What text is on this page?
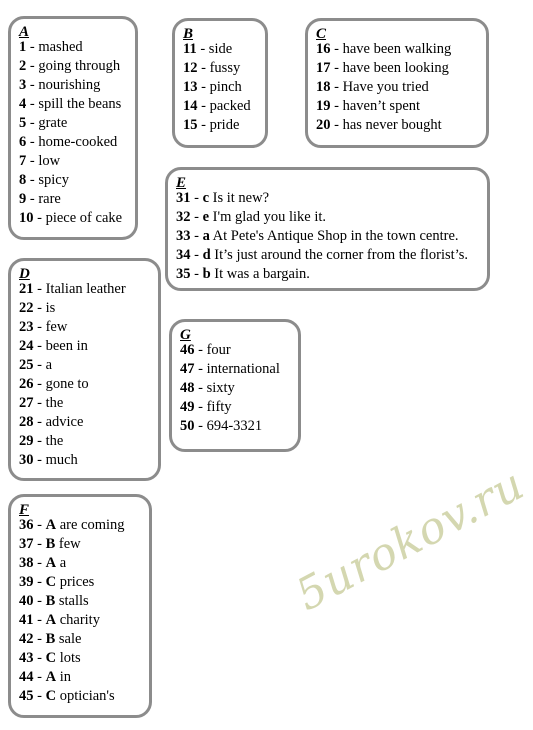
A
1 - mashed
2 - going through
3 - nourishing
4 - spill the beans
5 - grate
6 - home-cooked
7 - low
8 - spicy
9 - rare
10 - piece of cake
B
11 - side
12 - fussy
13 - pinch
14 - packed
15 - pride
C
16 - have been walking
17 - have been looking
18 - Have you tried
19 - haven’t spent
20 - has never bought
E
31 - c Is it new?
32 - e I'm glad you like it.
33 - a At Pete's Antique Shop in the town centre.
34 - d It’s just around the corner from the florist’s.
35 - b It was a bargain.
D
21 - Italian leather
22 - is
23 - few
24 - been in
25 - a
26 - gone to
27 - the
28 - advice
29 - the
30 - much
G
46 - four
47 - international
48 - sixty
49 - fifty
50 - 694-3321
F
36 - A are coming
37 - B few
38 - A a
39 - C prices
40 - B stalls
41 - A charity
42 - B sale
43 - C lots
44 - A in
45 - C optician's
5urokov.ru
